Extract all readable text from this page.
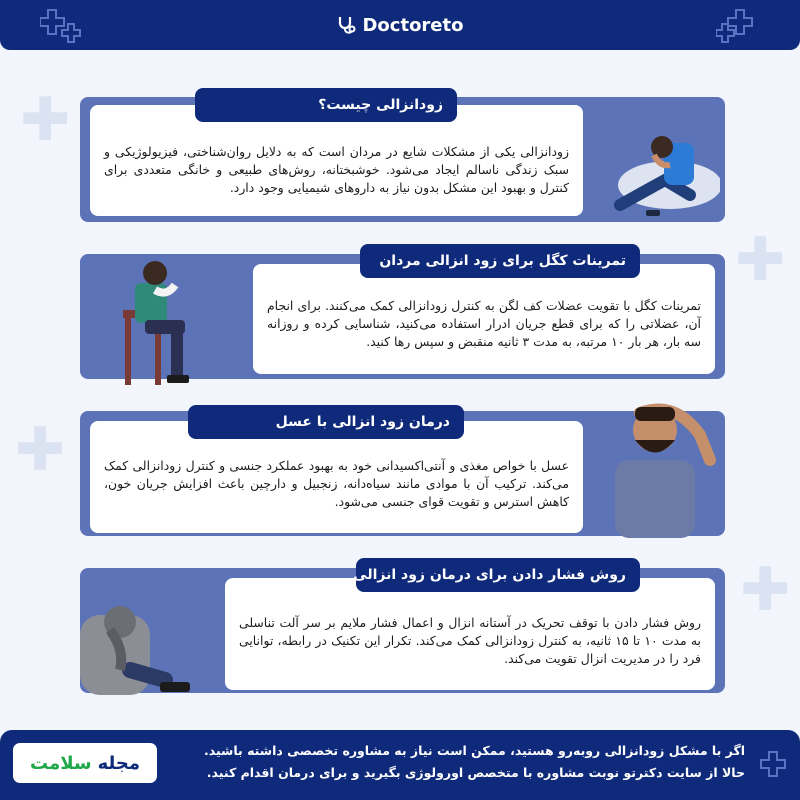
✚
✚
✚
✚
Doctoreto
زودانزالی یکی از مشکلات شایع در مردان است که به دلایل روان‌شناختی، فیزیولوژیکی و سبک زندگی ناسالم ایجاد می‌شود. خوشبختانه، روش‌های طبیعی و خانگی متعددی برای کنترل و بهبود این مشکل بدون نیاز به داروهای شیمیایی وجود دارد.
زودانزالی چیست؟
تمرینات کگل با تقویت عضلات کف لگن به کنترل زودانزالی کمک می‌کنند. برای انجام آن، عضلاتی را که برای قطع جریان ادرار استفاده می‌کنید، شناسایی کرده و روزانه سه بار، هر بار ۱۰ مرتبه، به مدت ۳ ثانیه منقبض و سپس رها کنید.
تمرینات کگل برای زود انزالی مردان
عسل با خواص مغذی و آنتی‌اکسیدانی خود به بهبود عملکرد جنسی و کنترل زودانزالی کمک می‌کند. ترکیب آن با موادی مانند سیاه‌دانه، زنجبیل و دارچین باعث افزایش جریان خون، کاهش استرس و تقویت قوای جنسی می‌شود.
درمان زود انزالی با عسل
روش فشار دادن با توقف تحریک در آستانه انزال و اعمال فشار ملایم بر سر آلت تناسلی به مدت ۱۰ تا ۱۵ ثانیه، به کنترل زودانزالی کمک می‌کند. تکرار این تکنیک در رابطه، توانایی فرد را در مدیریت انزال تقویت می‌کند.
روش فشار دادن برای درمان زود انزالی
اگر با مشکل زودانزالی روبه‌رو هستید، ممکن است نیاز به مشاوره تخصصی داشته باشید.
حالا از سایت دکترتو نوبت مشاوره با متخصص اورولوژی بگیرید و برای درمان اقدام کنید.
مجله
سلامت
